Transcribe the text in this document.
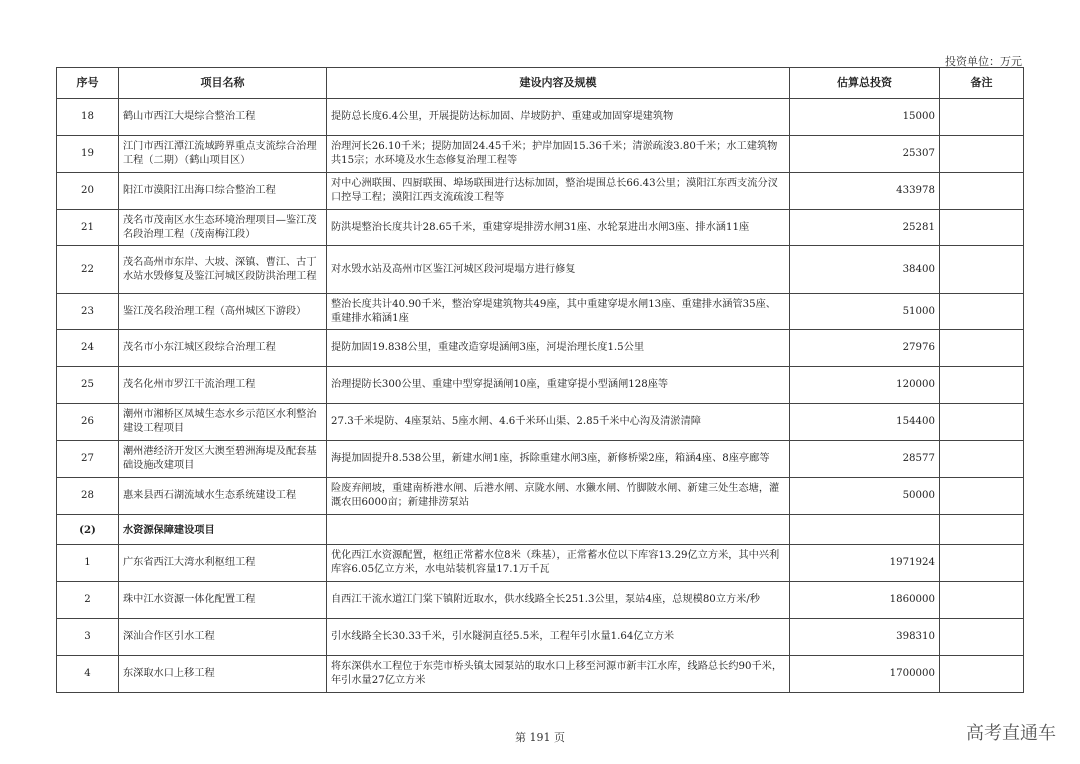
投资单位：万元
序号	项目名称	建设内容及规模	估算总投资	备注
18	鹤山市西江大堤综合整治工程	提防总长度6.4公里，开展提防达标加固、岸坡防护、重建或加固穿堤建筑物	15000	
19	江门市西江潭江流域跨界重点支流综合治理工程（二期）（鹤山项目区）	治理河长26.10千米；提防加固24.45千米；护岸加固15.36千米；清淤疏浚3.80千米；水工建筑物共15宗；水环境及水生态修复治理工程等	25307	
20	阳江市漠阳江出海口综合整治工程	对中心洲联围、四厨联围、埠场联围进行达标加固，整治堤围总长66.43公里；漠阳江东西支流分汊口控导工程；漠阳江西支流疏浚工程等	433978	
21	茂名市茂南区水生态环境治理项目—鉴江茂名段治理工程（茂南梅江段）	防洪堤整治长度共计28.65千米，重建穿堤排涝水闸31座、水轮泵进出水闸3座、排水涵11座	25281	
22	茂名高州市东岸、大坡、深镇、曹江、古丁水站水毁修复及鉴江河城区段防洪治理工程	对水毁水站及高州市区鉴江河城区段河堤塌方进行修复	38400	
23	鉴江茂名段治理工程（高州城区下游段）	整治长度共计40.90千米，整治穿堤建筑物共49座，其中重建穿堤水闸13座、重建排水涵管35座、重建排水箱涵1座	51000	
24	茂名市小东江城区段综合治理工程	提防加固19.838公里，重建改造穿堤涵闸3座，河堤治理长度1.5公里	27976	
25	茂名化州市罗江干流治理工程	治理提防长300公里、重建中型穿提涵闸10座，重建穿提小型涵闸128座等	120000	
26	潮州市湘桥区凤城生态水乡示范区水利整治建设工程项目	27.3千米堤防、4座泵站、5座水闸、4.6千米环山渠、2.85千米中心沟及清淤清障	154400	
27	潮州港经济开发区大澳至碧洲海堤及配套基础设施改建项目	海提加固提升8.538公里，新建水闸1座，拆除重建水闸3座，新修桥梁2座，箱涵4座、8座亭廊等	28577	
28	惠来县西石湖流域水生态系统建设工程	险废弃闸坡，重建南桥港水闸、后港水闸、京陇水闸、水獭水闸、竹脚陂水闸、新建三处生态塘，灌溉农田6000亩；新建排涝泵站	50000	
(2)	水资源保障建设项目			
1	广东省西江大湾水利枢纽工程	优化西江水资源配置，枢纽正常蓄水位8米（珠基），正常蓄水位以下库容13.29亿立方米，其中兴利库容6.05亿立方米，水电站装机容量17.1万千瓦	1971924	
2	珠中江水资源一体化配置工程	自西江干流水道江门棠下镇附近取水，供水线路全长251.3公里，泵站4座，总规模80立方米/秒	1860000	
3	深汕合作区引水工程	引水线路全长30.33千米，引水隧洞直径5.5米，工程年引水量1.64亿立方米	398310	
4	东深取水口上移工程	将东深供水工程位于东莞市桥头镇太园泵站的取水口上移至河源市新丰江水库，线路总长约90千米，年引水量27亿立方米	1700000	
第 191 页	高考直通车
